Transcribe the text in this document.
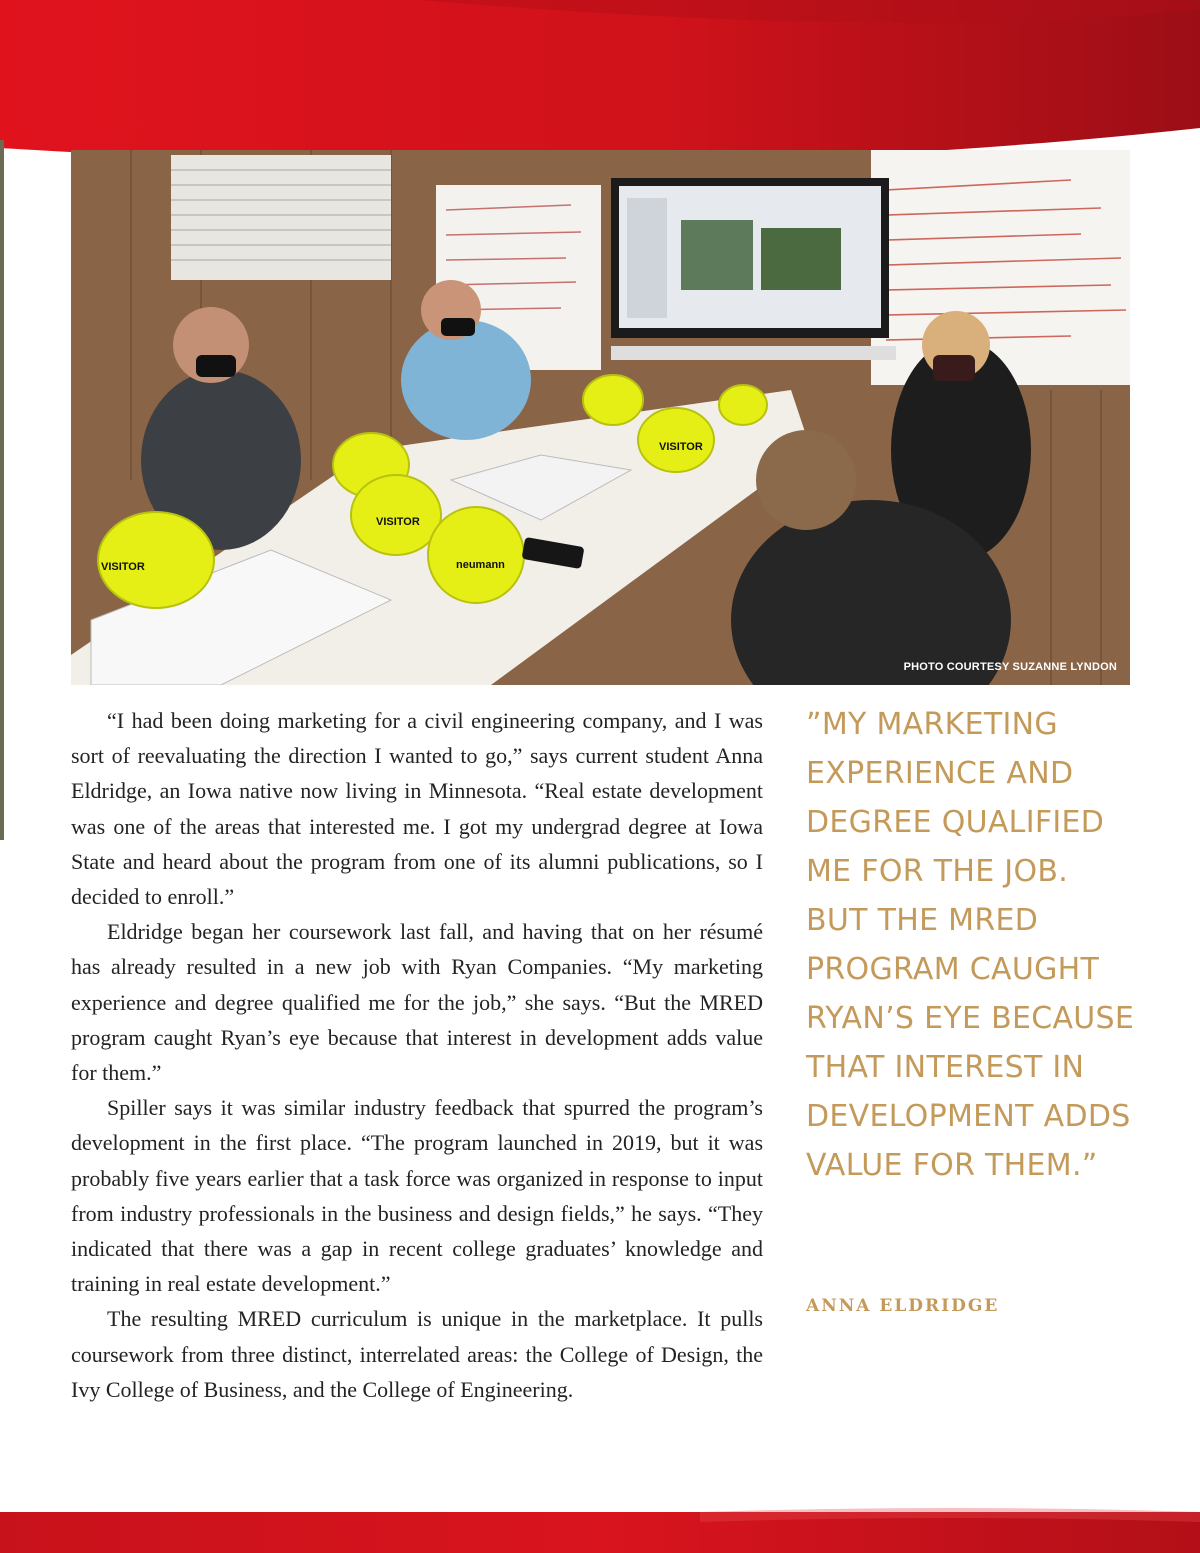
VISITOR
VISITOR
neumann
VISITOR
PHOTO COURTESY SUZANNE LYNDON

“I had been doing marketing for a civil engineering company, and I was sort of reevaluating the direction I wanted to go,” says current student Anna Eldridge, an Iowa native now living in Minnesota. “Real estate development was one of the areas that interested me. I got my undergrad degree at Iowa State and heard about the program from one of its alumni publications, so I decided to enroll.”

Eldridge began her coursework last fall, and having that on her résumé has already resulted in a new job with Ryan Companies. “My marketing experience and degree qualified me for the job,” she says. “But the MRED program caught Ryan’s eye because that interest in development adds value for them.”

Spiller says it was similar industry feedback that spurred the program’s development in the first place. “The program launched in 2019, but it was probably five years earlier that a task force was organized in response to input from industry professionals in the business and design fields,” he says. “They indicated that there was a gap in recent college graduates’ knowledge and training in real estate development.”

The resulting MRED curriculum is unique in the marketplace. It pulls coursework from three distinct, interrelated areas: the College of Design, the Ivy College of Business, and the College of Engineering.

”MY MARKETING EXPERIENCE AND DEGREE QUALIFIED ME FOR THE JOB. BUT THE MRED PROGRAM CAUGHT RYAN’S EYE BECAUSE THAT INTEREST IN DEVELOPMENT ADDS VALUE FOR THEM.”
ANNA ELDRIDGE
